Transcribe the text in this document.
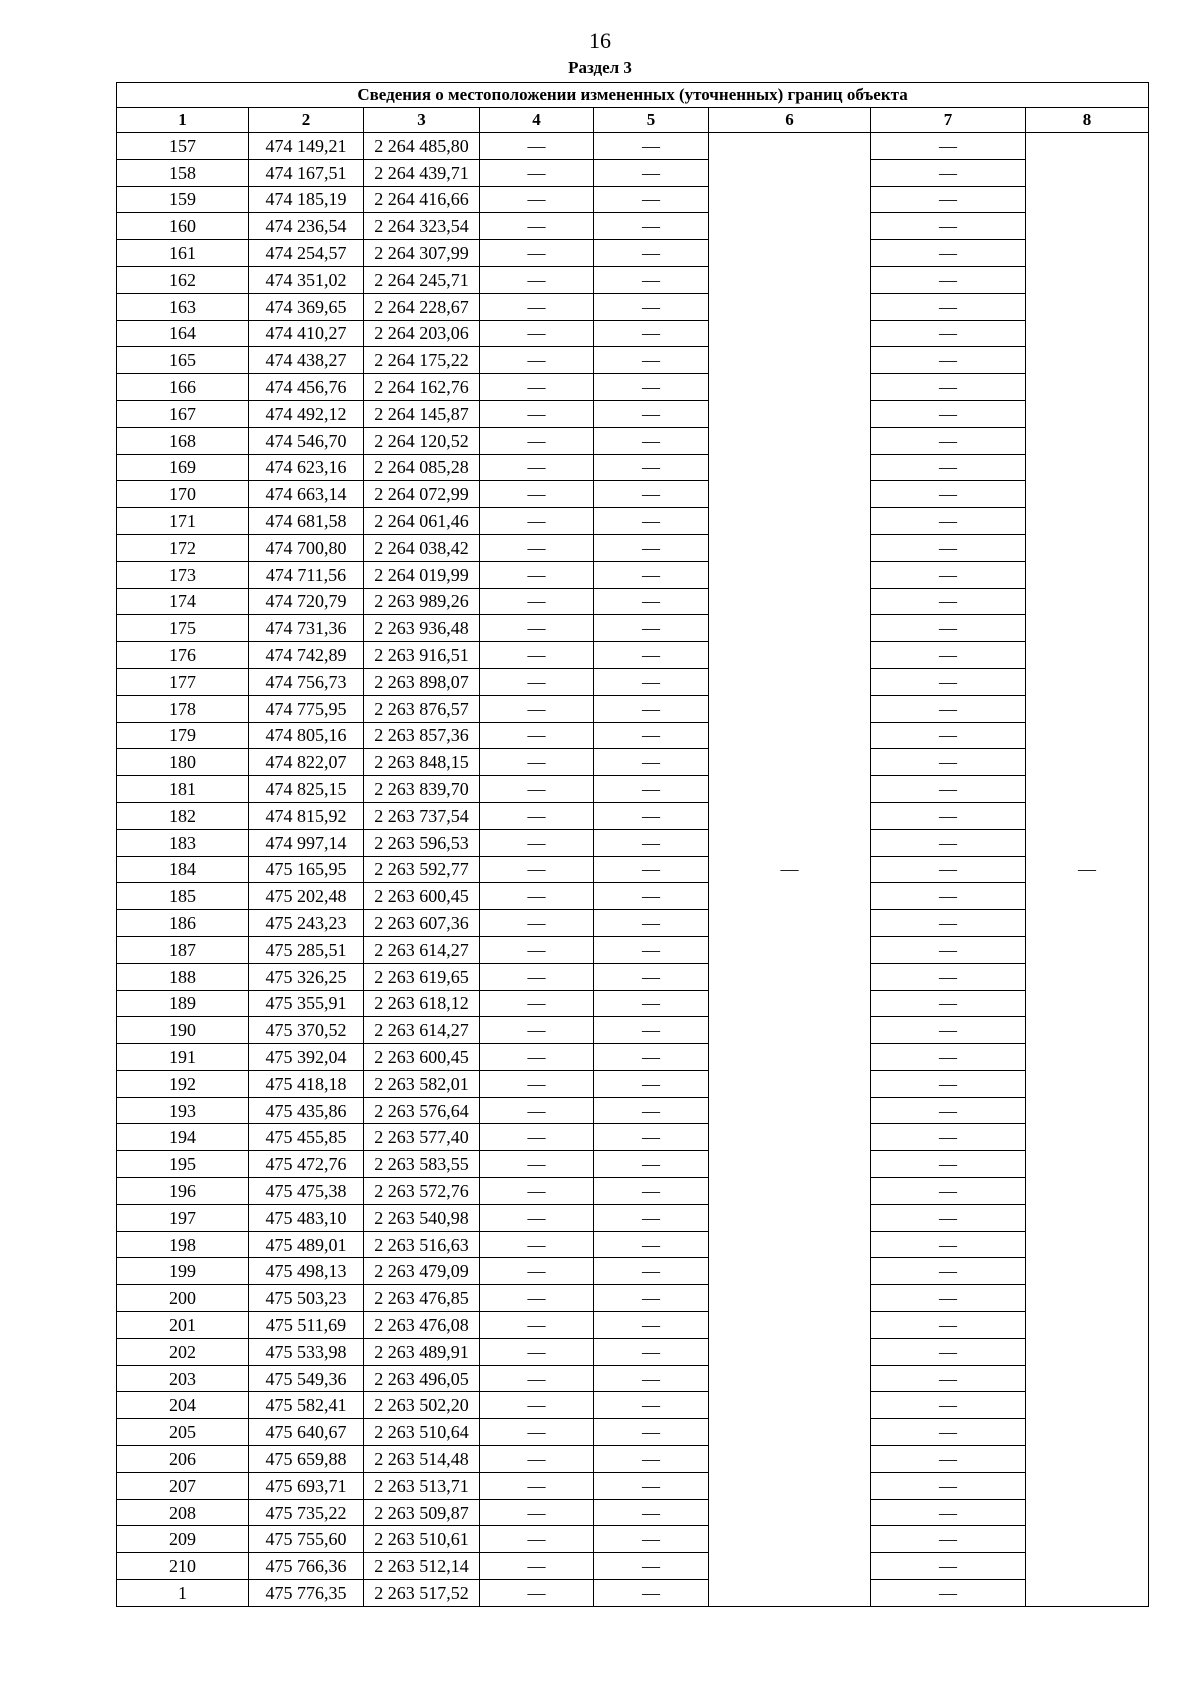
16
Раздел 3
Сведения о местоположении измененных (уточненных) границ объекта							
1	2	3	4	5	6	7	8
157	474 149,21	2 264 485,80	—	—	—	—	—
158	474 167,51	2 264 439,71	—	—		—	
159	474 185,19	2 264 416,66	—	—		—	
160	474 236,54	2 264 323,54	—	—		—	
161	474 254,57	2 264 307,99	—	—		—	
162	474 351,02	2 264 245,71	—	—		—	
163	474 369,65	2 264 228,67	—	—		—	
164	474 410,27	2 264 203,06	—	—		—	
165	474 438,27	2 264 175,22	—	—		—	
166	474 456,76	2 264 162,76	—	—		—	
167	474 492,12	2 264 145,87	—	—		—	
168	474 546,70	2 264 120,52	—	—		—	
169	474 623,16	2 264 085,28	—	—		—	
170	474 663,14	2 264 072,99	—	—		—	
171	474 681,58	2 264 061,46	—	—		—	
172	474 700,80	2 264 038,42	—	—		—	
173	474 711,56	2 264 019,99	—	—		—	
174	474 720,79	2 263 989,26	—	—		—	
175	474 731,36	2 263 936,48	—	—		—	
176	474 742,89	2 263 916,51	—	—		—	
177	474 756,73	2 263 898,07	—	—		—	
178	474 775,95	2 263 876,57	—	—		—	
179	474 805,16	2 263 857,36	—	—		—	
180	474 822,07	2 263 848,15	—	—		—	
181	474 825,15	2 263 839,70	—	—		—	
182	474 815,92	2 263 737,54	—	—		—	
183	474 997,14	2 263 596,53	—	—		—	
184	475 165,95	2 263 592,77	—	—		—	
185	475 202,48	2 263 600,45	—	—		—	
186	475 243,23	2 263 607,36	—	—		—	
187	475 285,51	2 263 614,27	—	—		—	
188	475 326,25	2 263 619,65	—	—		—	
189	475 355,91	2 263 618,12	—	—		—	
190	475 370,52	2 263 614,27	—	—		—	
191	475 392,04	2 263 600,45	—	—		—	
192	475 418,18	2 263 582,01	—	—		—	
193	475 435,86	2 263 576,64	—	—		—	
194	475 455,85	2 263 577,40	—	—		—	
195	475 472,76	2 263 583,55	—	—		—	
196	475 475,38	2 263 572,76	—	—		—	
197	475 483,10	2 263 540,98	—	—		—	
198	475 489,01	2 263 516,63	—	—		—	
199	475 498,13	2 263 479,09	—	—		—	
200	475 503,23	2 263 476,85	—	—		—	
201	475 511,69	2 263 476,08	—	—		—	
202	475 533,98	2 263 489,91	—	—		—	
203	475 549,36	2 263 496,05	—	—		—	
204	475 582,41	2 263 502,20	—	—		—	
205	475 640,67	2 263 510,64	—	—		—	
206	475 659,88	2 263 514,48	—	—		—	
207	475 693,71	2 263 513,71	—	—		—	
208	475 735,22	2 263 509,87	—	—		—	
209	475 755,60	2 263 510,61	—	—		—	
210	475 766,36	2 263 512,14	—	—		—	
1	475 776,35	2 263 517,52	—	—		—	
